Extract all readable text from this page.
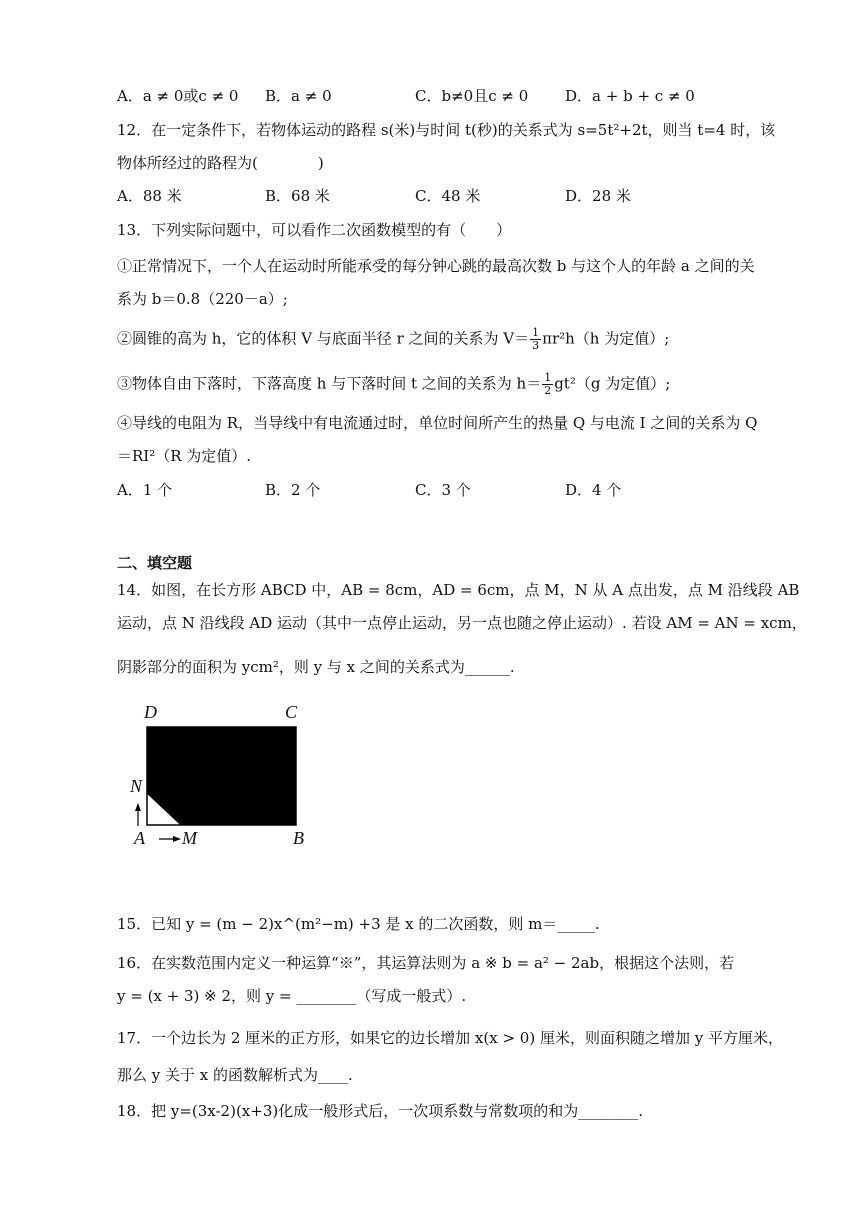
A．a ≠ 0或c ≠ 0 B．a ≠ 0	C．b≠0且c ≠ 0 D．a + b + c ≠ 0
12．在一定条件下，若物体运动的路程 s(米)与时间 t(秒)的关系式为 s=5t²+2t，则当 t=4 时，该
物体所经过的路程为(　　　　)
A．88 米	B．68 米	C．48 米	D．28 米
13．下列实际问题中，可以看作二次函数模型的有（　　）
①正常情况下，一个人在运动时所能承受的每分钟心跳的最高次数 b 与这个人的年龄 a 之间的关
系为 b＝0.8（220－a）;
②圆锥的高为 h，它的体积 V 与底面半径 r 之间的关系为 $V= \frac{1}{3} \pi r^2h(h$ 为定值）;
③物体自由下落时，下落高度 h 与下落时间 t 之间的关系为 $h= \frac{1}{2} gt^2(g$ 为定值）;
④导线的电阻为 R，当导线中有电流通过时，单位时间所产生的热量 Q 与电流 I 之间的关系为 Q
＝RI²（R 为定值）.
A．1 个	B．2 个	C．3 个	D．4 个
二、填空题
14．如图，在长方形 ABCD 中，AB = 8cm，AD = 6cm，点 M，N 从 A 点出发，点 M 沿线段 AB
运动，点 N 沿线段 AD 运动（其中一点停止运动，另一点也随之停止运动）. 若设 AM = AN = xcm，
阴影部分的面积为 ycm²，则 y 与 x 之间的关系式为______.
D	C
N
A M	B
15．已知 y = (m − 2)x^(m²−m) +3 是 x 的二次函数，则 m＝_____.
16．在实数范围内定义一种运算“※”，其运算法则为 a ※ b = a² − 2ab，根据这个法则，若
y = (x + 3) ※ 2，则 y = ________（写成一般式）.
17．一个边长为 2 厘米的正方形，如果它的边长增加 x(x > 0) 厘米，则面积随之增加 y 平方厘米，
那么 y 关于 x 的函数解析式为____.
18．把 y=(3x-2)(x+3)化成一般形式后，一次项系数与常数项的和为________.
